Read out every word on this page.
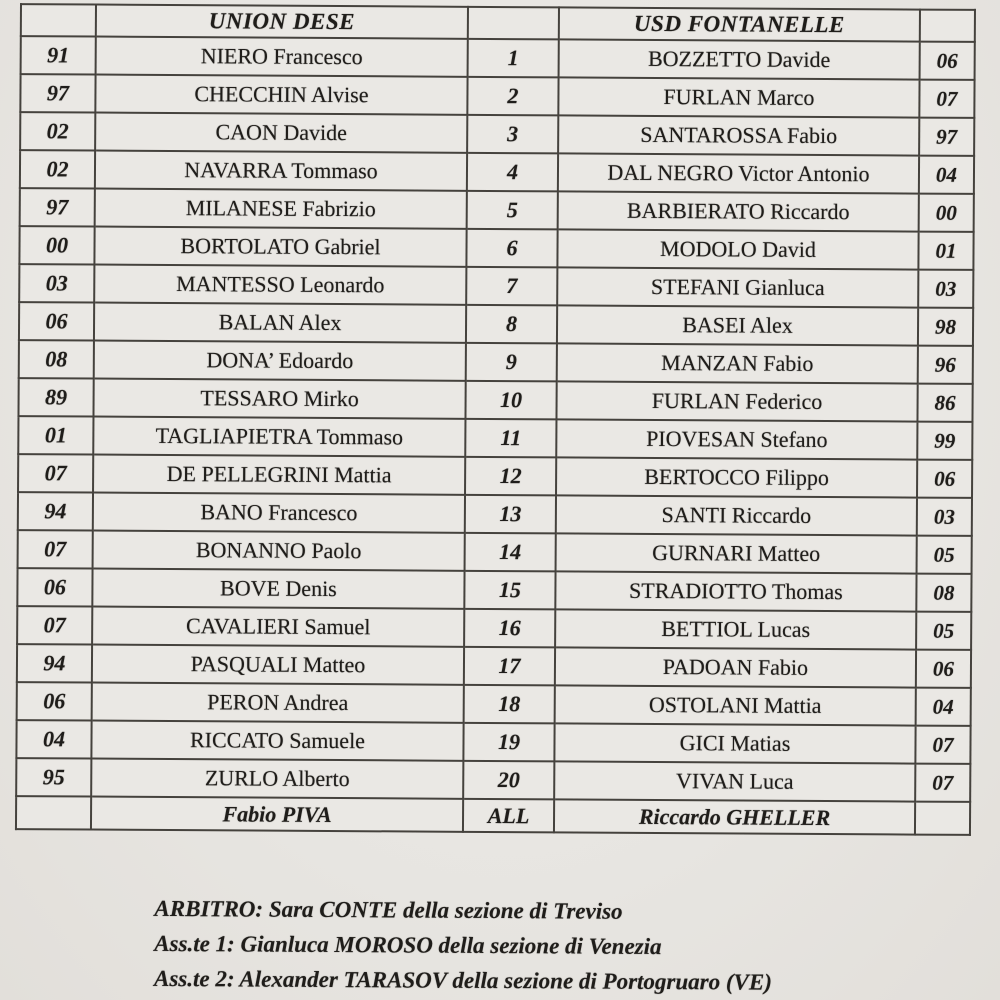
	UNION DESE		USD FONTANELLE	
91	NIERO Francesco	1	BOZZETTO Davide	06
97	CHECCHIN Alvise	2	FURLAN Marco	07
02	CAON Davide	3	SANTAROSSA Fabio	97
02	NAVARRA Tommaso	4	DAL NEGRO Victor Antonio	04
97	MILANESE Fabrizio	5	BARBIERATO Riccardo	00
00	BORTOLATO Gabriel	6	MODOLO David	01
03	MANTESSO Leonardo	7	STEFANI Gianluca	03
06	BALAN Alex	8	BASEI Alex	98
08	DONA’ Edoardo	9	MANZAN Fabio	96
89	TESSARO Mirko	10	FURLAN Federico	86
01	TAGLIAPIETRA Tommaso	11	PIOVESAN Stefano	99
07	DE PELLEGRINI Mattia	12	BERTOCCO Filippo	06
94	BANO Francesco	13	SANTI Riccardo	03
07	BONANNO Paolo	14	GURNARI Matteo	05
06	BOVE Denis	15	STRADIOTTO Thomas	08
07	CAVALIERI Samuel	16	BETTIOL Lucas	05
94	PASQUALI Matteo	17	PADOAN Fabio	06
06	PERON Andrea	18	OSTOLANI Mattia	04
04	RICCATO Samuele	19	GICI Matias	07
95	ZURLO Alberto	20	VIVAN Luca	07
	Fabio PIVA	ALL	Riccardo GHELLER	
ARBITRO: Sara CONTE della sezione di Treviso
Ass.te 1: Gianluca MOROSO della sezione di Venezia
Ass.te 2: Alexander TARASOV della sezione di Portogruaro (VE)
